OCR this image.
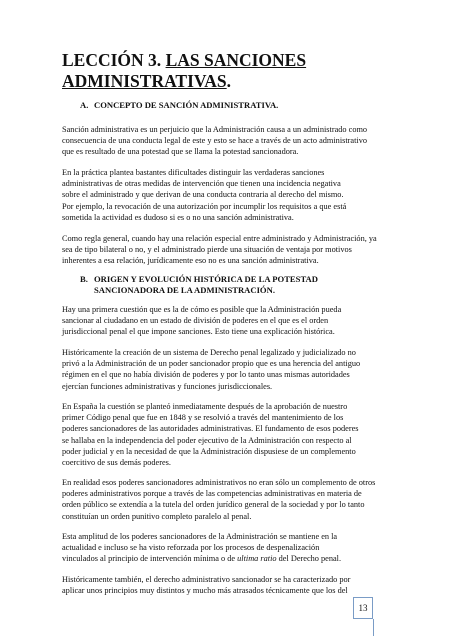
LECCIÓN 3. LAS SANCIONES
ADMINISTRATIVAS.
A. CONCEPTO DE SANCIÓN ADMINISTRATIVA.

Sanción administrativa es un perjuicio que la Administración causa a un administrado como
consecuencia de una conducta legal de este y esto se hace a través de un acto administrativo
que es resultado de una potestad que se llama la potestad sancionadora.

En la práctica plantea bastantes dificultades distinguir las verdaderas sanciones
administrativas de otras medidas de intervención que tienen una incidencia negativa
sobre el administrado y que derivan de una conducta contraria al derecho del mismo.
Por ejemplo, la revocación de una autorización por incumplir los requisitos a que está
sometida la actividad es dudoso si es o no una sanción administrativa.

Como regla general, cuando hay una relación especial entre administrado y Administración, ya
sea de tipo bilateral o no, y el administrado pierde una situación de ventaja por motivos
inherentes a esa relación, jurídicamente eso no es una sanción administrativa.

B. ORIGEN Y EVOLUCIÓN HISTÓRICA DE LA POTESTAD
SANCIONADORA DE LA ADMINISTRACIÓN.

Hay una primera cuestión que es la de cómo es posible que la Administración pueda
sancionar al ciudadano en un estado de división de poderes en el que es el orden
jurisdiccional penal el que impone sanciones. Esto tiene una explicación histórica.

Históricamente la creación de un sistema de Derecho penal legalizado y judicializado no
privó a la Administración de un poder sancionador propio que es una herencia del antiguo
régimen en el que no había división de poderes y por lo tanto unas mismas autoridades
ejercían funciones administrativas y funciones jurisdiccionales.

En España la cuestión se planteó inmediatamente después de la aprobación de nuestro
primer Código penal que fue en 1848 y se resolvió a través del mantenimiento de los
poderes sancionadores de las autoridades administrativas. El fundamento de esos poderes
se hallaba en la independencia del poder ejecutivo de la Administración con respecto al
poder judicial y en la necesidad de que la Administración dispusiese de un complemento
coercitivo de sus demás poderes.

En realidad esos poderes sancionadores administrativos no eran sólo un complemento de otros
poderes administrativos porque a través de las competencias administrativas en materia de
orden público se extendía a la tutela del orden jurídico general de la sociedad y por lo tanto
constituían un orden punitivo completo paralelo al penal.

Esta amplitud de los poderes sancionadores de la Administración se mantiene en la
actualidad e incluso se ha visto reforzada por los procesos de despenalización
vinculados al principio de intervención mínima o de ultima ratio del Derecho penal.

Históricamente también, el derecho administrativo sancionador se ha caracterizado por
aplicar unos principios muy distintos y mucho más atrasados técnicamente que los del

13
